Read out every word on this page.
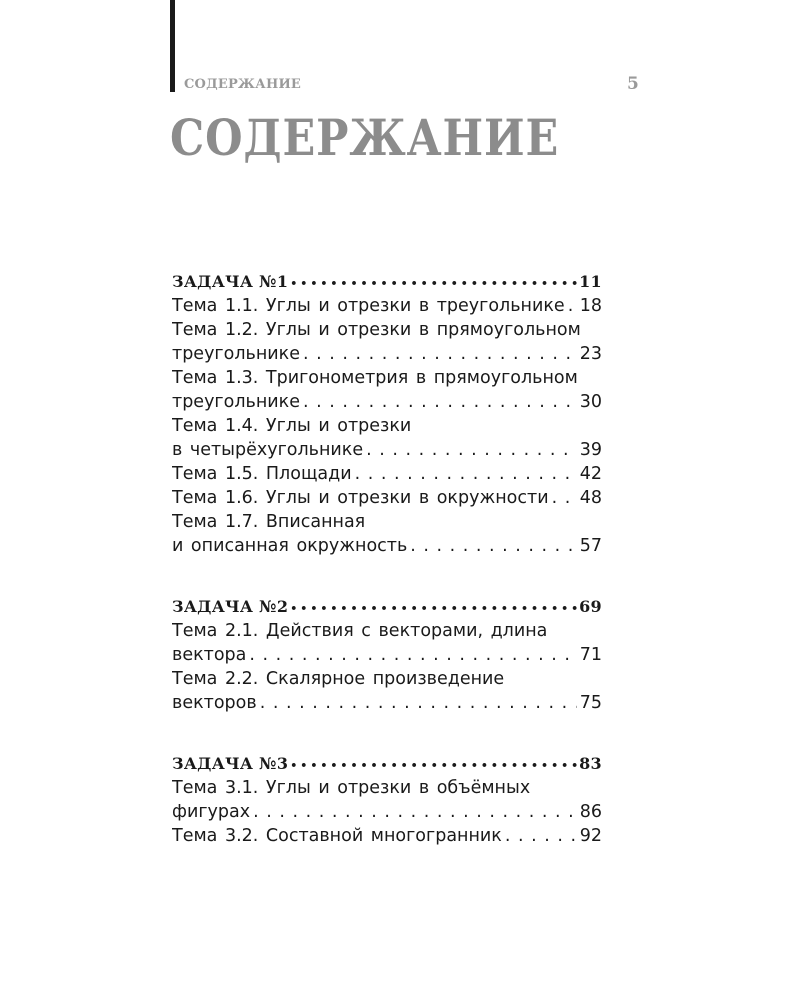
СОДЕРЖАНИЕ	5
СОДЕРЖАНИЕ
ЗАДАЧА №1 •••••	11
Тема 1.1. Углы и отрезки в треугольнике . . . 18
Тема 1.2. Углы и отрезки в прямоугольном
треугольнике . . .	23
Тема 1.3. Тригонометрия в прямоугольном
треугольнике . . .	30
Тема 1.4. Углы и отрезки
в четырёхугольнике . . .	39
Тема 1.5. Площади . . .	42
Тема 1.6. Углы и отрезки в окружности . . . 48
Тема 1.7. Вписанная
и описанная окружность . . .	57
ЗАДАЧА №2 •••••	69
Тема 2.1. Действия с векторами, длина
вектора . . .	71
Тема 2.2. Скалярное произведение
векторов . . .	75
ЗАДАЧА №3 •••••	83
Тема 3.1. Углы и отрезки в объёмных
фигурах . . .	86
Тема 3.2. Составной многогранник . . .	92
